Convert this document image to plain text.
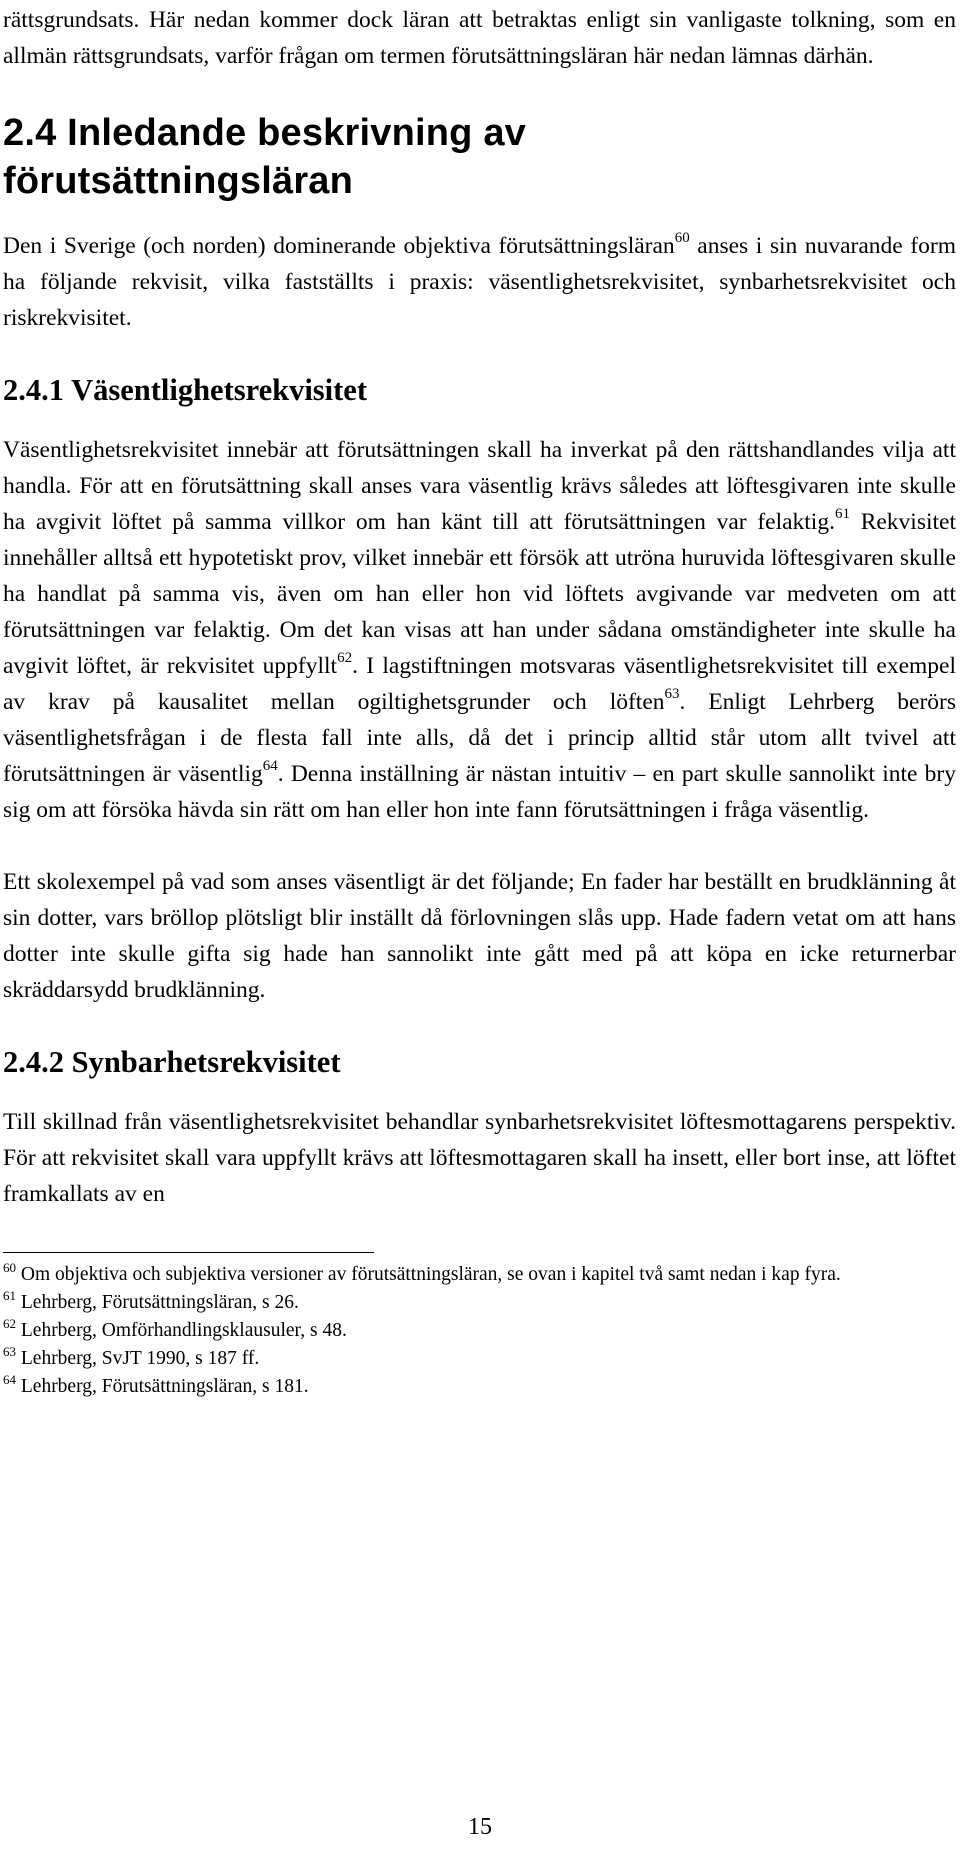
rättsgrundsats. Här nedan kommer dock läran att betraktas enligt sin vanligaste tolkning, som en allmän rättsgrundsats, varför frågan om termen förutsättningsläran här nedan lämnas därhän.

2.4 Inledande beskrivning av förutsättningsläran

Den i Sverige (och norden) dominerande objektiva förutsättningsläran$^{60}$ anses i sin nuvarande form ha följande rekvisit, vilka fastställts i praxis: väsentlighetsrekvisitet, synbarhetsrekvisitet och riskrekvisitet.

2.4.1 Väsentlighetsrekvisitet

Väsentlighetsrekvisitet innebär att förutsättningen skall ha inverkat på den rättshandlandes vilja att handla. För att en förutsättning skall anses vara väsentlig krävs således att löftesgivaren inte skulle ha avgivit löftet på samma villkor om han känt till att förutsättningen var felaktig.$^{61}$ Rekvisitet innehåller alltså ett hypotetiskt prov, vilket innebär ett försök att utröna huruvida löftesgivaren skulle ha handlat på samma vis, även om han eller hon vid löftets avgivande var medveten om att förutsättningen var felaktig. Om det kan visas att han under sådana omständigheter inte skulle ha avgivit löftet, är rekvisitet uppfyllt$^{62}$. I lagstiftningen motsvaras väsentlighetsrekvisitet till exempel av krav på kausalitet mellan ogiltighetsgrunder och löften$^{63}$. Enligt Lehrberg berörs väsentlighetsfrågan i de flesta fall inte alls, då det i princip alltid står utom allt tvivel att förutsättningen är väsentlig$^{64}$. Denna inställning är nästan intuitiv – en part skulle sannolikt inte bry sig om att försöka hävda sin rätt om han eller hon inte fann förutsättningen i fråga väsentlig.

Ett skolexempel på vad som anses väsentligt är det följande; En fader har beställt en brudklänning åt sin dotter, vars bröllop plötsligt blir inställt då förlovningen slås upp. Hade fadern vetat om att hans dotter inte skulle gifta sig hade han sannolikt inte gått med på att köpa en icke returnerbar skräddarsydd brudklänning.

2.4.2 Synbarhetsrekvisitet

Till skillnad från väsentlighetsrekvisitet behandlar synbarhetsrekvisitet löftesmottagarens perspektiv. För att rekvisitet skall vara uppfyllt krävs att löftesmottagaren skall ha insett, eller bort inse, att löftet framkallats av en

$^{60}$ Om objektiva och subjektiva versioner av förutsättningsläran, se ovan i kapitel två samt nedan i kap fyra.
$^{61}$ Lehrberg, Förutsättningsläran, s 26.
$^{62}$ Lehrberg, Omförhandlingsklausuler, s 48.
$^{63}$ Lehrberg, SvJT 1990, s 187 ff.
$^{64}$ Lehrberg, Förutsättningsläran, s 181.
15
